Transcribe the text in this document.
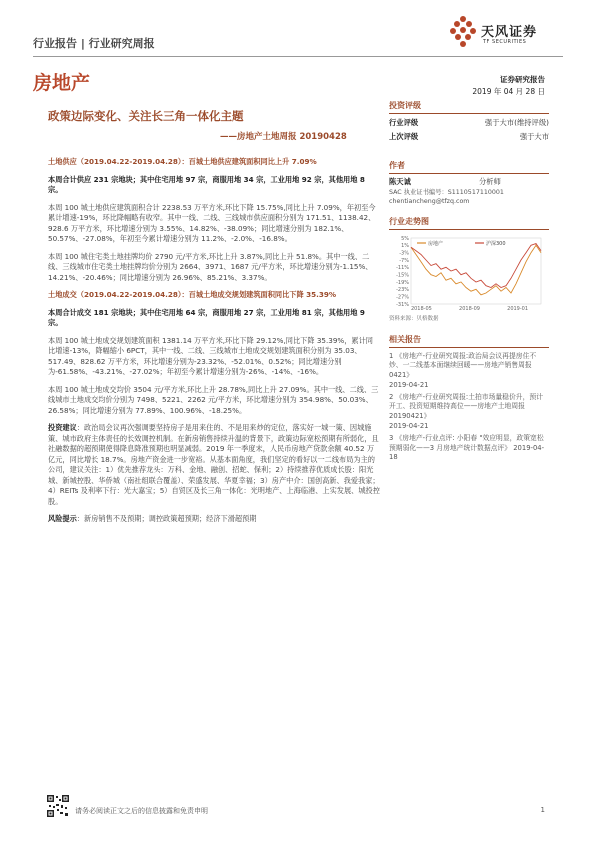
行业报告 | 行业研究周报
天风证券
TF SECURITIES
房地产	证券研究报告
2019 年 04 月 28 日
政策边际变化、关注长三角一体化主题
——房地产土地周报 20190428

土地供应（2019.04.22-2019.04.28）：百城土地供应建筑面积同比上升 7.09%

本周合计供应 231 宗地块；其中住宅用地 97 宗，商服用地 34 宗，工业用地 92 宗，其他用地 8 宗。

本周 100 城土地供应建筑面积合计 2238.53 万平方米,环比下降 15.75%,同比上升 7.09%，年初至今累计增速-19%，环比降幅略有收窄。其中一线、二线、三线城市供应面积分别为 171.51、1138.42、928.6 万平方米，环比增速分别为 3.55%、14.82%、-38.09%；同比增速分别为 182.1%、50.57%、-27.08%，年初至今累计增速分别为 11.2%、-2.0%、-16.8%。

本周 100 城住宅类土地挂牌均价 2790 元/平方米,环比上升 3.87%,同比上升 51.8%。其中一线、二线、三线城市住宅类土地挂牌均价分别为 2664、3971、1687 元/平方米，环比增速分别为-1.15%、14.21%、-20.46%；同比增速分别为 26.96%、85.21%、3.37%。

土地成交（2019.04.22-2019.04.28）：百城土地成交规划建筑面积同比下降 35.39%

本周合计成交 181 宗地块；其中住宅用地 64 宗，商服用地 27 宗，工业用地 81 宗，其他用地 9 宗。

本周 100 城土地成交规划建筑面积 1381.14 万平方米,环比下降 29.12%,同比下降 35.39%，累计同比增速-13%，降幅缩小 6PCT，其中一线、二线、三线城市土地成交规划建筑面积分别为 35.03、517.49、828.62 万平方米，环比增速分别为-23.32%、-52.01%、0.52%；同比增速分别为-61.58%、-43.21%、-27.02%；年初至今累计增速分别为-26%、-14%、-16%。

本周 100 城土地成交均价 3504 元/平方米,环比上升 28.78%,同比上升 27.09%。其中一线、二线、三线城市土地成交均价分别为 7498、5221、2262 元/平方米，环比增速分别为 354.98%、50.03%、26.58%；同比增速分别为 77.89%、100.96%、-18.25%。

投资建议：政治局会议再次强调要坚持房子是用来住的、不是用来炒的定位，落实好一城一策、因城施策、城市政府主体责任的长效调控机制。在新房销售持续升温的背景下，政策边际宽松预期有所弱化，且社融数据的超预期使得降息降准预期也明显减弱。2019 年一季度末，人民币房地产贷款余额 40.52 万亿元，同比增长 18.7%。房地产资金进一步宽裕。从基本面角度，我们坚定的看好以一二线布局为主的公司，建议关注：1）优先推荐龙头：万科、金地、融创、招蛇、保利；2）持续推荐优质成长股：阳光城、新城控股、华侨城（南社组联合覆盖）、荣盛发展、华夏幸福；3）房产中介：国创高新、我爱我家；4）REITs 及利率下行：光大嘉宝；5）自贸区及长三角一体化：光明地产、上海临港、上实发展、城投控股。

风险提示：新房销售不及预期；调控政策超预期；经济下滑超预期

投资评级
行业评级	强于大市(维持评级)
上次评级	强于大市
作者
陈天诚	分析师
SAC 执业证书编号：S1110517110001
chentiancheng@tfzq.com
行业走势图
5%
1%
-3%
-7%
-11%
-15%
-19%
-23%
-27%
-31%
2018-05	2018-09	2019-01
房地产	沪深300
资料来源：贝格数据
相关报告
1 《房地产-行业研究周报:政治局会议再提房住不炒、一二线基本面继续回暖——房地产销售周报 0421》
2019-04-21
2 《房地产-行业研究周报:土拍市场量稳价升，预计开工、投资短期维持高位——房地产土地周报 20190421》
2019-04-21
3 《房地产-行业点评: 小阳春 "效应明显，政策宽松预期弱化——3 月房地产统计数据点评》 2019-04-18
请务必阅读正文之后的信息披露和免责申明	1
